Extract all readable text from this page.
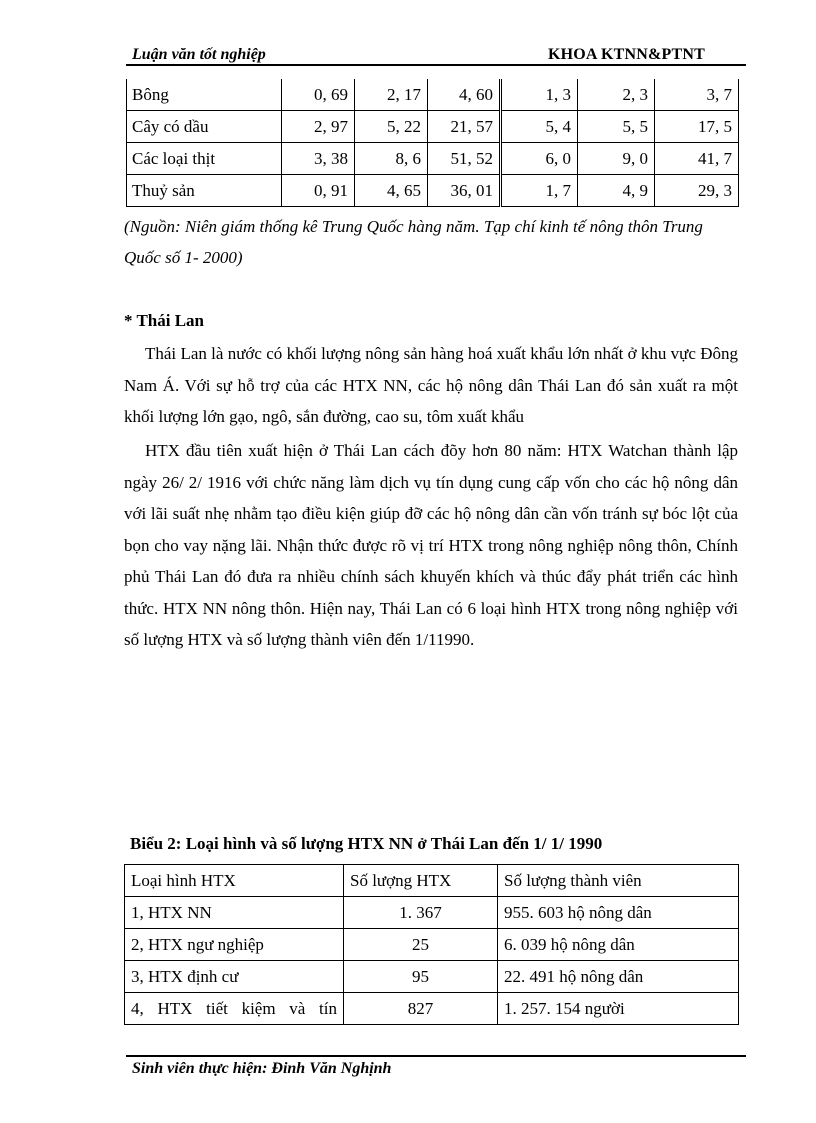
Luận văn tốt nghiệp	KHOA KTNN&PTNT
Bông	0, 69	2, 17	4, 60	1, 3	2, 3	3, 7
Cây có dầu	2, 97	5, 22	21, 57	5, 4	5, 5	17, 5
Các loại thịt	3, 38	8, 6	51, 52	6, 0	9, 0	41, 7
Thuỷ sản	0, 91	4, 65	36, 01	1, 7	4, 9	29, 3
(Nguồn: Niên giám thống kê Trung Quốc hàng năm. Tạp chí kinh tế nông thôn Trung Quốc số 1- 2000)
* Thái Lan
Thái Lan là nước có khối lượng nông sản hàng hoá xuất khẩu lớn nhất ở khu vực Đông Nam Á. Với sự hỗ trợ của các HTX NN, các hộ nông dân Thái Lan đó sản xuất ra một khối lượng lớn gạo, ngô, sắn đường, cao su, tôm xuất khẩu
HTX đầu tiên xuất hiện ở Thái Lan cách đõy hơn 80 năm: HTX Watchan thành lập ngày 26/ 2/ 1916 với chức năng làm dịch vụ tín dụng cung cấp vốn cho các hộ nông dân với lãi suất nhẹ nhằm tạo điều kiện giúp đỡ các hộ nông dân cần vốn tránh sự bóc lột của bọn cho vay nặng lãi. Nhận thức được rõ vị trí HTX trong nông nghiệp nông thôn, Chính phủ Thái Lan đó đưa ra nhiều chính sách khuyến khích và thúc đẩy phát triển các hình thức. HTX NN nông thôn. Hiện nay, Thái Lan có 6 loại hình HTX trong nông nghiệp với số lượng HTX và số lượng thành viên đến 1/11990.
Biểu 2: Loại hình và số lượng HTX NN ở Thái Lan đến 1/ 1/ 1990
Loại hình HTX	Số lượng HTX	Số lượng thành viên
1, HTX NN	1. 367	955. 603 hộ nông dân
2, HTX ngư nghiệp	25	6. 039 hộ nông dân
3, HTX định cư	95	22. 491 hộ nông dân
4, HTX tiết kiệm và tín	827	1. 257. 154 người
Sinh viên thực hiện: Đinh Văn Nghịnh
